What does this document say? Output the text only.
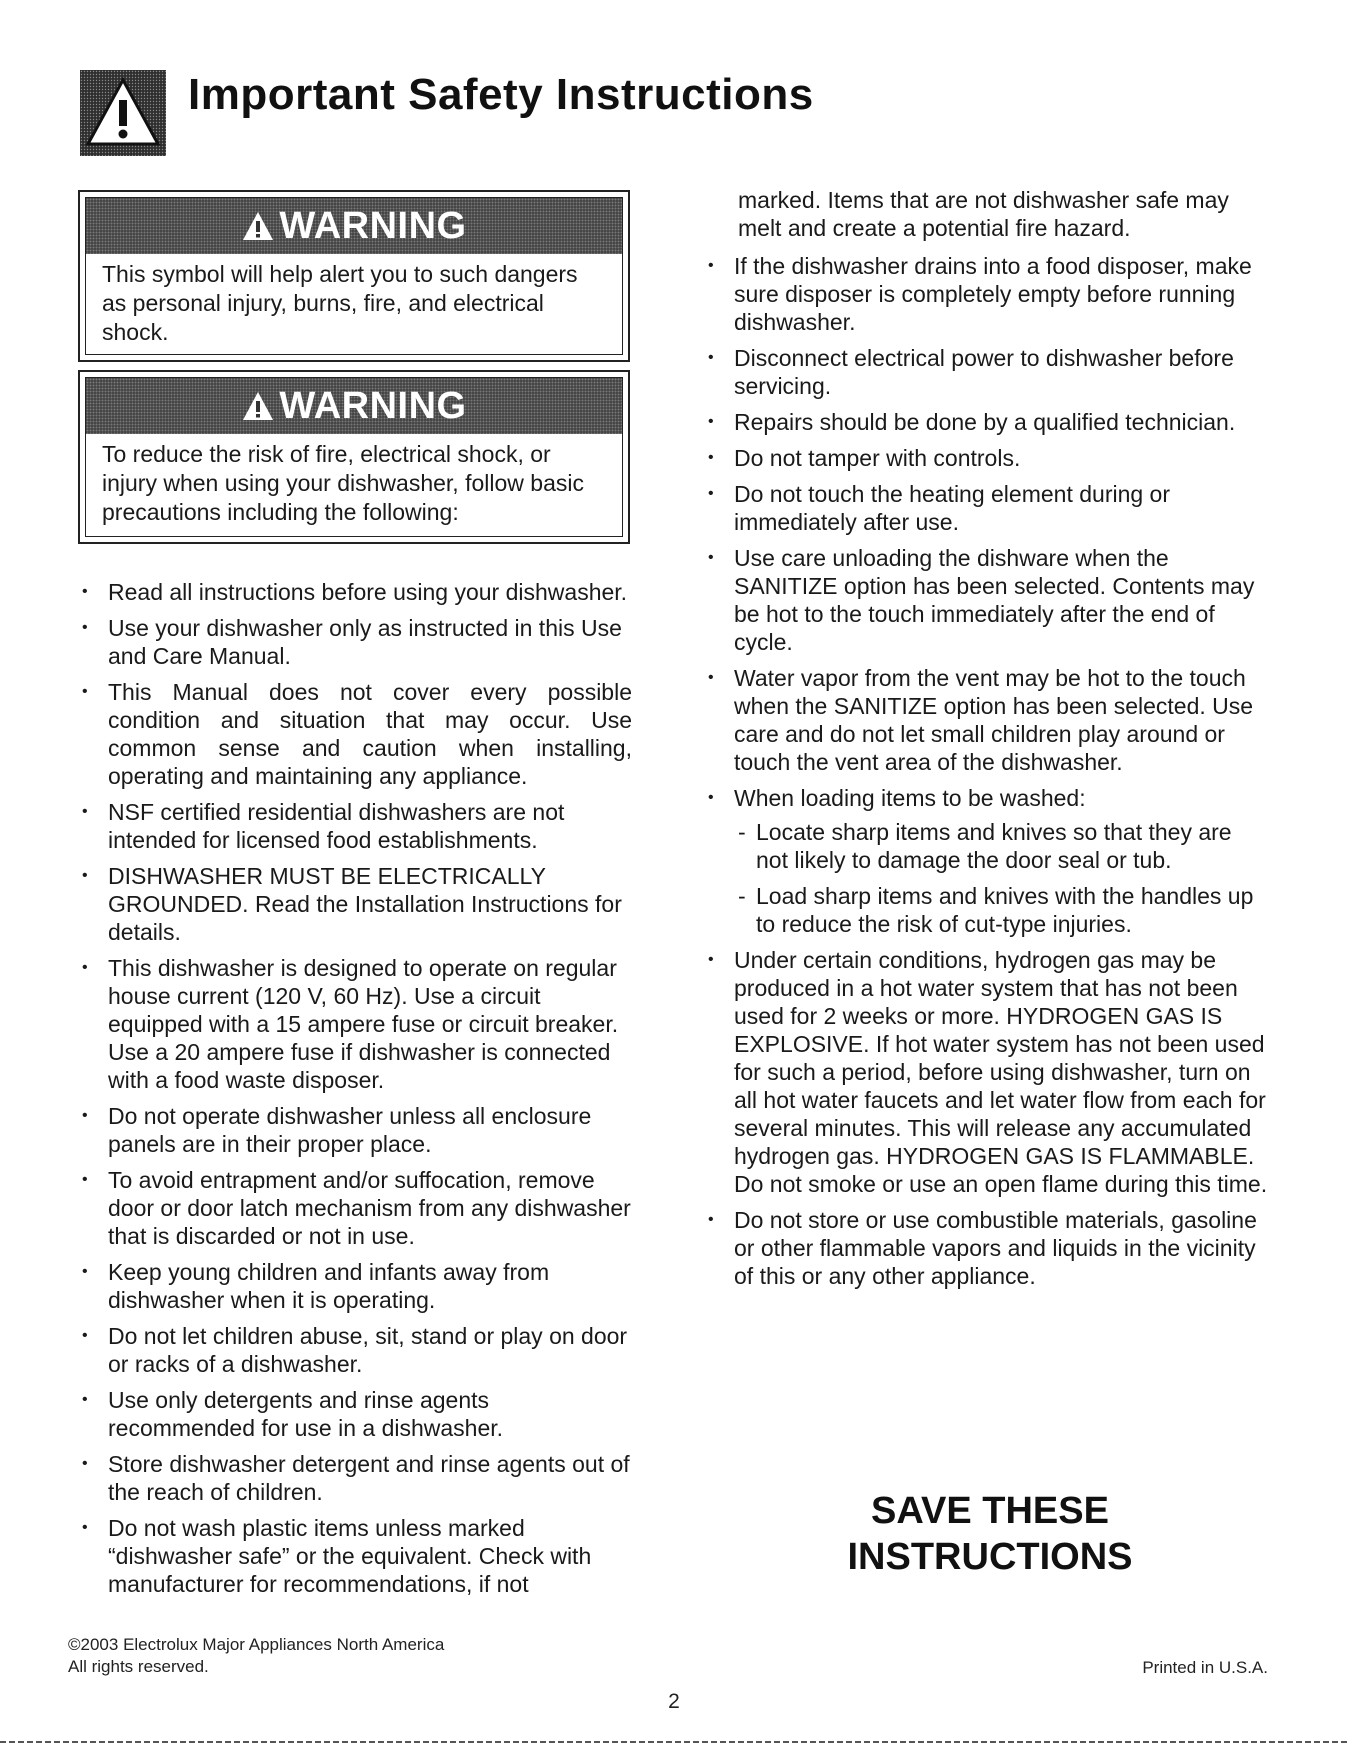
Important Safety Instructions
WARNING
This symbol will help alert you to such dangers as personal injury, burns, fire, and electrical shock.
WARNING
To reduce the risk of fire, electrical shock, or injury when using your dishwasher, follow basic precautions including the following:
• Read all instructions before using your dishwasher.
• Use your dishwasher only as instructed in this Use and Care Manual.
• This Manual does not cover every possible condition and situation that may occur. Use common sense and caution when installing, operating and maintaining any appliance.
• NSF certified residential dishwashers are not intended for licensed food establishments.
• DISHWASHER MUST BE ELECTRICALLY GROUNDED. Read the Installation Instructions for details.
• This dishwasher is designed to operate on regular house current (120 V, 60 Hz). Use a circuit equipped with a 15 ampere fuse or circuit breaker. Use a 20 ampere fuse if dishwasher is connected with a food waste disposer.
• Do not operate dishwasher unless all enclosure panels are in their proper place.
• To avoid entrapment and/or suffocation, remove door or door latch mechanism from any dishwasher that is discarded or not in use.
• Keep young children and infants away from dishwasher when it is operating.
• Do not let children abuse, sit, stand or play on door or racks of a dishwasher.
• Use only detergents and rinse agents recommended for use in a dishwasher.
• Store dishwasher detergent and rinse agents out of the reach of children.
• Do not wash plastic items unless marked “dishwasher safe” or the equivalent. Check with manufacturer for recommendations, if not
marked. Items that are not dishwasher safe may melt and create a potential fire hazard.
• If the dishwasher drains into a food disposer, make sure disposer is completely empty before running dishwasher.
• Disconnect electrical power to dishwasher before servicing.
• Repairs should be done by a qualified technician.
• Do not tamper with controls.
• Do not touch the heating element during or immediately after use.
• Use care unloading the dishware when the SANITIZE option has been selected. Contents may be hot to the touch immediately after the end of cycle.
• Water vapor from the vent may be hot to the touch when the SANITIZE option has been selected. Use care and do not let small children play around or touch the vent area of the dishwasher.
• When loading items to be washed:
- Locate sharp items and knives so that they are not likely to damage the door seal or tub.
- Load sharp items and knives with the handles up to reduce the risk of cut-type injuries.
• Under certain conditions, hydrogen gas may be produced in a hot water system that has not been used for 2 weeks or more. HYDROGEN GAS IS EXPLOSIVE. If hot water system has not been used for such a period, before using dishwasher, turn on all hot water faucets and let water flow from each for several minutes. This will release any accumulated hydrogen gas. HYDROGEN GAS IS FLAMMABLE. Do not smoke or use an open flame during this time.
• Do not store or use combustible materials, gasoline or other flammable vapors and liquids in the vicinity of this or any other appliance.
SAVE THESE
INSTRUCTIONS
©2003 Electrolux Major Appliances North America
All rights reserved.	Printed in U.S.A.
2
